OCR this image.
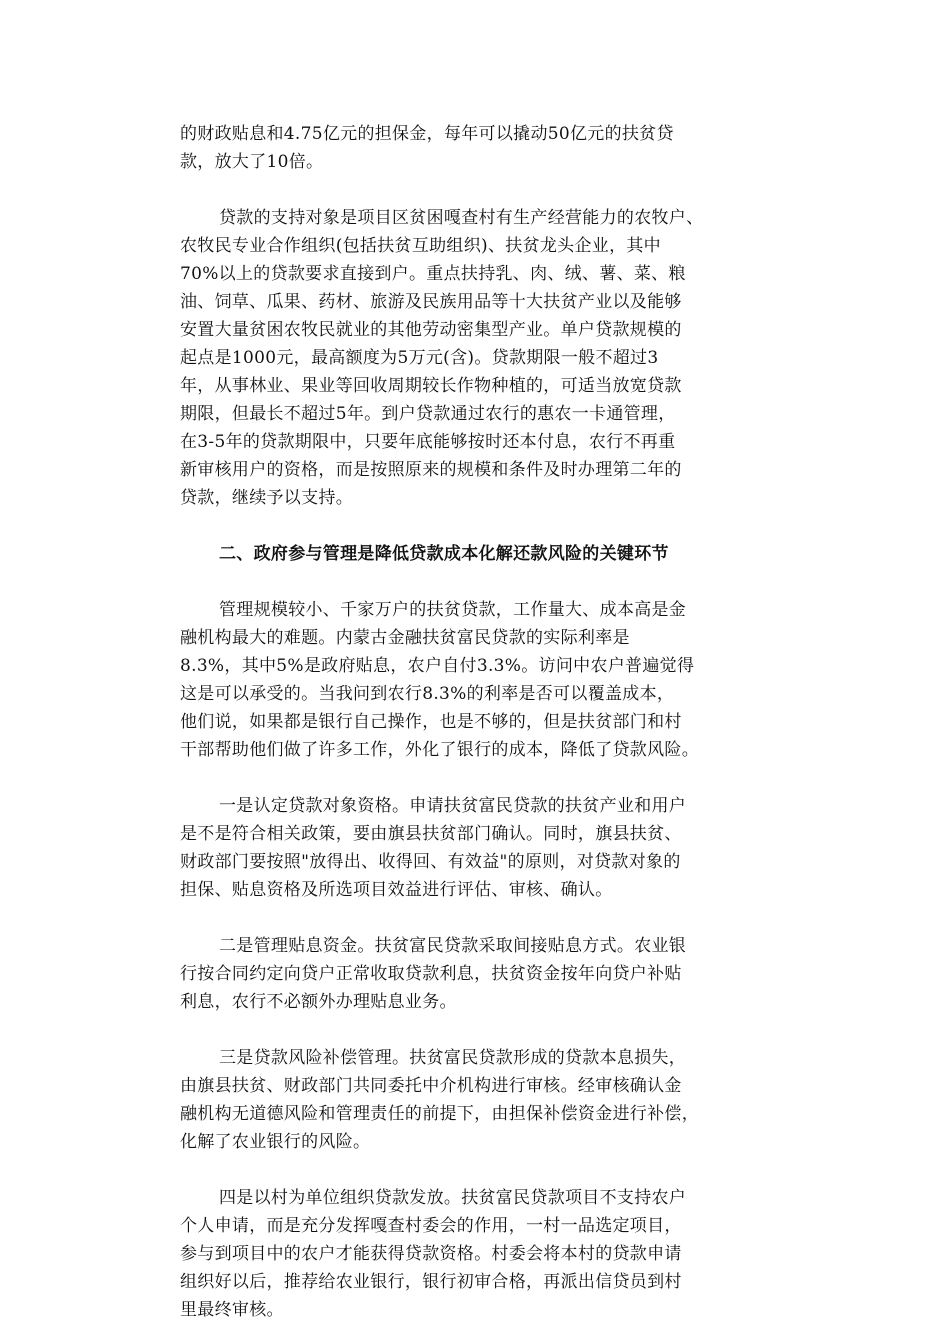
的财政贴息和4.75亿元的担保金，每年可以撬动50亿元的扶贫贷
款，放大了10倍。
贷款的支持对象是项目区贫困嘎查村有生产经营能力的农牧户、
农牧民专业合作组织(包括扶贫互助组织)、扶贫龙头企业，其中
70%以上的贷款要求直接到户。重点扶持乳、肉、绒、薯、菜、粮
油、饲草、瓜果、药材、旅游及民族用品等十大扶贫产业以及能够
安置大量贫困农牧民就业的其他劳动密集型产业。单户贷款规模的
起点是1000元，最高额度为5万元(含)。贷款期限一般不超过3
年，从事林业、果业等回收周期较长作物种植的，可适当放宽贷款
期限，但最长不超过5年。到户贷款通过农行的惠农一卡通管理，
在3-5年的贷款期限中，只要年底能够按时还本付息，农行不再重
新审核用户的资格，而是按照原来的规模和条件及时办理第二年的
贷款，继续予以支持。
二、政府参与管理是降低贷款成本化解还款风险的关键环节
管理规模较小、千家万户的扶贫贷款，工作量大、成本高是金
融机构最大的难题。内蒙古金融扶贫富民贷款的实际利率是
8.3%，其中5%是政府贴息，农户自付3.3%。访问中农户普遍觉得
这是可以承受的。当我问到农行8.3%的利率是否可以覆盖成本，
他们说，如果都是银行自己操作，也是不够的，但是扶贫部门和村
干部帮助他们做了许多工作，外化了银行的成本，降低了贷款风险。
一是认定贷款对象资格。申请扶贫富民贷款的扶贫产业和用户
是不是符合相关政策，要由旗县扶贫部门确认。同时，旗县扶贫、
财政部门要按照"放得出、收得回、有效益"的原则，对贷款对象的
担保、贴息资格及所选项目效益进行评估、审核、确认。
二是管理贴息资金。扶贫富民贷款采取间接贴息方式。农业银
行按合同约定向贷户正常收取贷款利息，扶贫资金按年向贷户补贴
利息，农行不必额外办理贴息业务。
三是贷款风险补偿管理。扶贫富民贷款形成的贷款本息损失，
由旗县扶贫、财政部门共同委托中介机构进行审核。经审核确认金
融机构无道德风险和管理责任的前提下，由担保补偿资金进行补偿，
化解了农业银行的风险。
四是以村为单位组织贷款发放。扶贫富民贷款项目不支持农户
个人申请，而是充分发挥嘎查村委会的作用，一村一品选定项目，
参与到项目中的农户才能获得贷款资格。村委会将本村的贷款申请
组织好以后，推荐给农业银行，银行初审合格，再派出信贷员到村
里最终审核。
